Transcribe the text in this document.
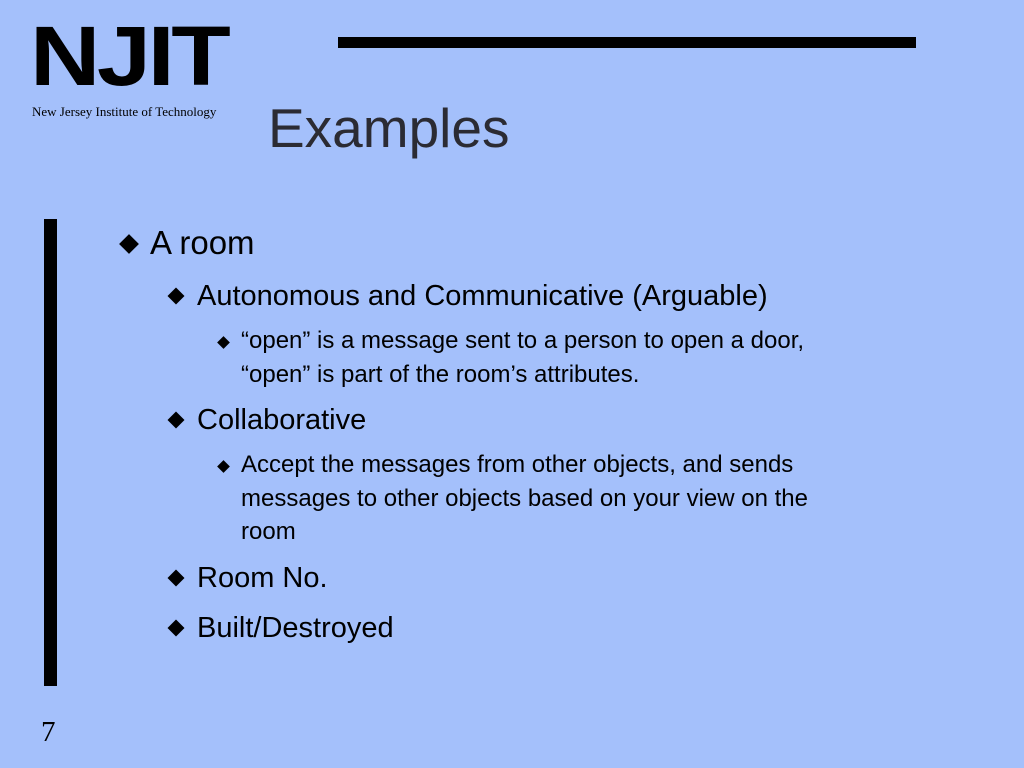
NJIT
New Jersey Institute of Technology Examples
A room
Autonomous and Communicative (Arguable)
“open” is a message sent to a person to open a door,
“open” is part of the room’s attributes.
Collaborative
Accept the messages from other objects, and sends
messages to other objects based on your view on the
room
Room No.
Built/Destroyed
7
